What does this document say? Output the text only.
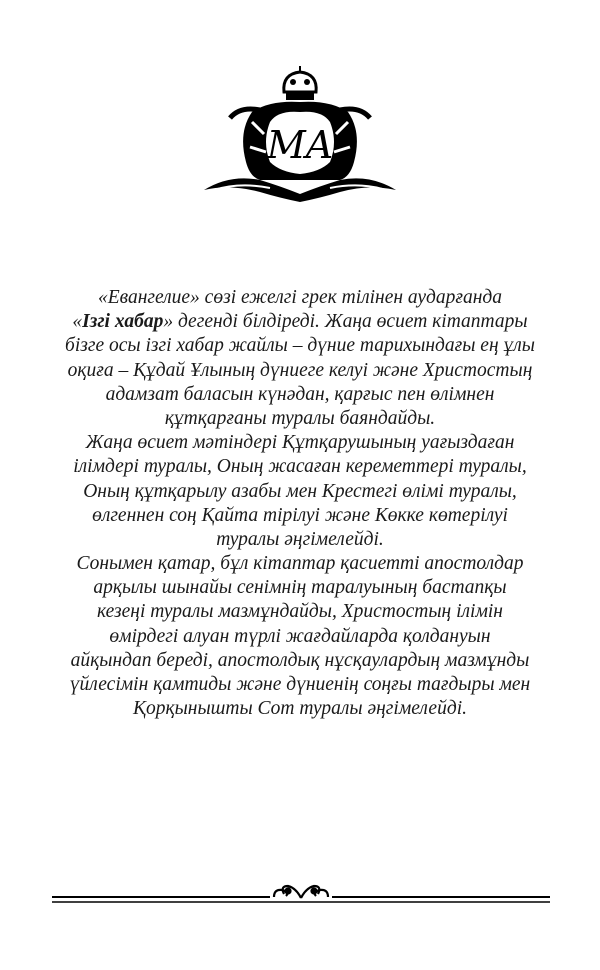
MA
«Евангелие» сөзі ежелгі грек тілінен аударғанда
«Ізгі хабар» дегенді білдіреді. Жаңа өсиет кітаптары
бізге осы ізгі хабар жайлы – дүние тарихындағы ең ұлы
оқиға – Құдай Ұлының дүниеге келуі және Христостың
адамзат баласын күнәдан, қарғыс пен өлімнен
құтқарғаны туралы баяндайды.
Жаңа өсиет мәтіндері Құтқарушының уағыздаған
ілімдері туралы, Оның жасаған кереметтері туралы,
Оның құтқарылу азабы мен Крестегі өлімі туралы,
өлгеннен соң Қайта тірілуі және Көкке көтерілуі
туралы әңгімелейді.
Сонымен қатар, бұл кітаптар қасиетті апостолдар
арқылы шынайы сенімнің таралуының бастапқы
кезеңі туралы мазмұндайды, Христостың ілімін
өмірдегі алуан түрлі жағдайларда қолдануын
айқындап береді, апостолдық нұсқаулардың мазмұнды
үйлесімін қамтиды және дүниенің соңғы тағдыры мен
Қорқынышты Сот туралы әңгімелейді.
